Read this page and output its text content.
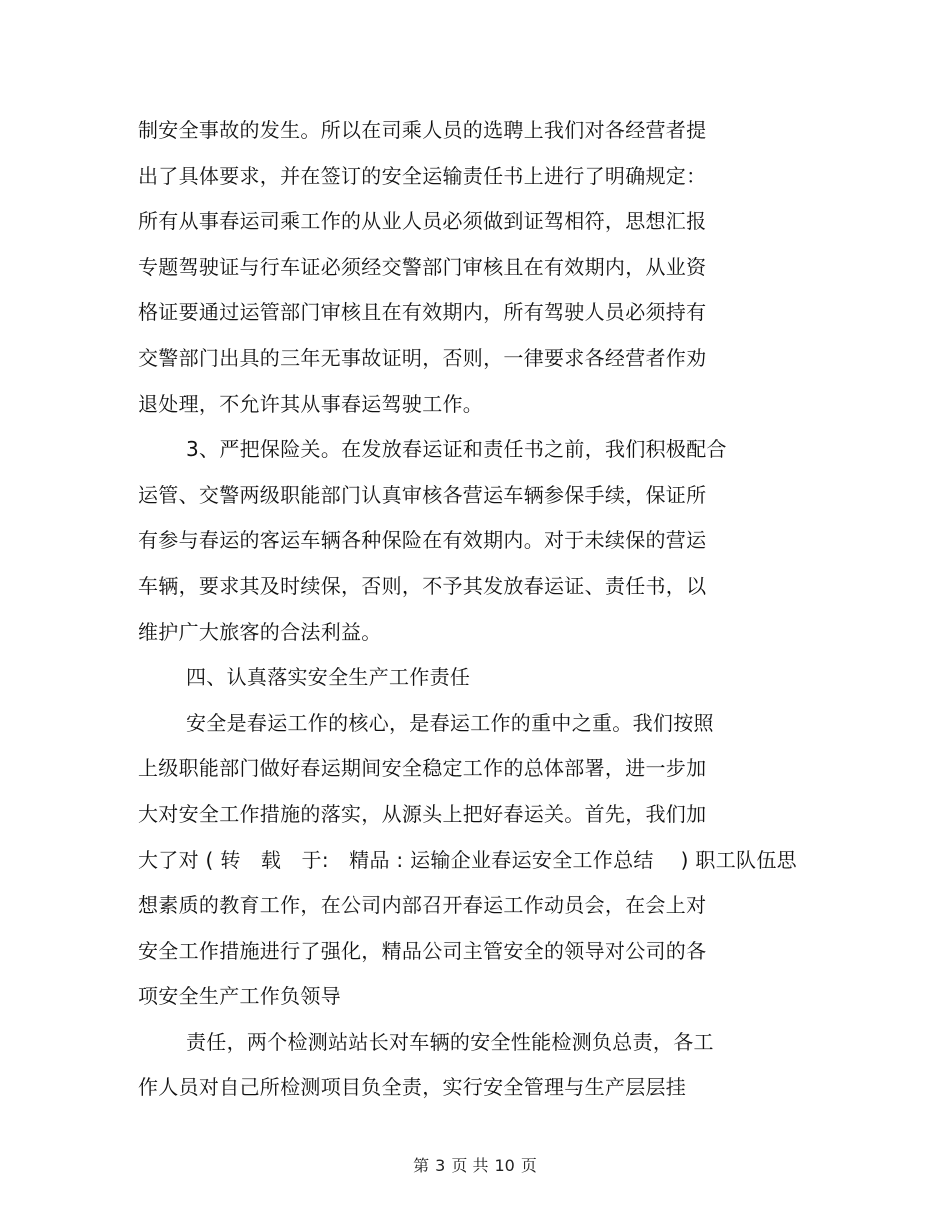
制安全事故的发生。所以在司乘人员的选聘上我们对各经营者提
出了具体要求，并在签订的安全运输责任书上进行了明确规定：
所有从事春运司乘工作的从业人员必须做到证驾相符，思想汇报
专题驾驶证与行车证必须经交警部门审核且在有效期内，从业资
格证要通过运管部门审核且在有效期内，所有驾驶人员必须持有
交警部门出具的三年无事故证明，否则，一律要求各经营者作劝
退处理，不允许其从事春运驾驶工作。
3、严把保险关。在发放春运证和责任书之前，我们积极配合
运管、交警两级职能部门认真审核各营运车辆参保手续，保证所
有参与春运的客运车辆各种保险在有效期内。对于未续保的营运
车辆，要求其及时续保，否则，不予其发放春运证、责任书，以
维护广大旅客的合法利益。
四、认真落实安全生产工作责任
安全是春运工作的核心，是春运工作的重中之重。我们按照
上级职能部门做好春运期间安全稳定工作的总体部署，进一步加
大对安全工作措施的落实，从源头上把好春运关。首先，我们加
大了对 ( 转　载　于:　精品 : 运输企业春运安全工作总结　 ) 职工队伍思
想素质的教育工作，在公司内部召开春运工作动员会，在会上对
安全工作措施进行了强化，精品公司主管安全的领导对公司的各
项安全生产工作负领导
责任，两个检测站站长对车辆的安全性能检测负总责，各工
作人员对自己所检测项目负全责，实行安全管理与生产层层挂
第 3 页 共 10 页
